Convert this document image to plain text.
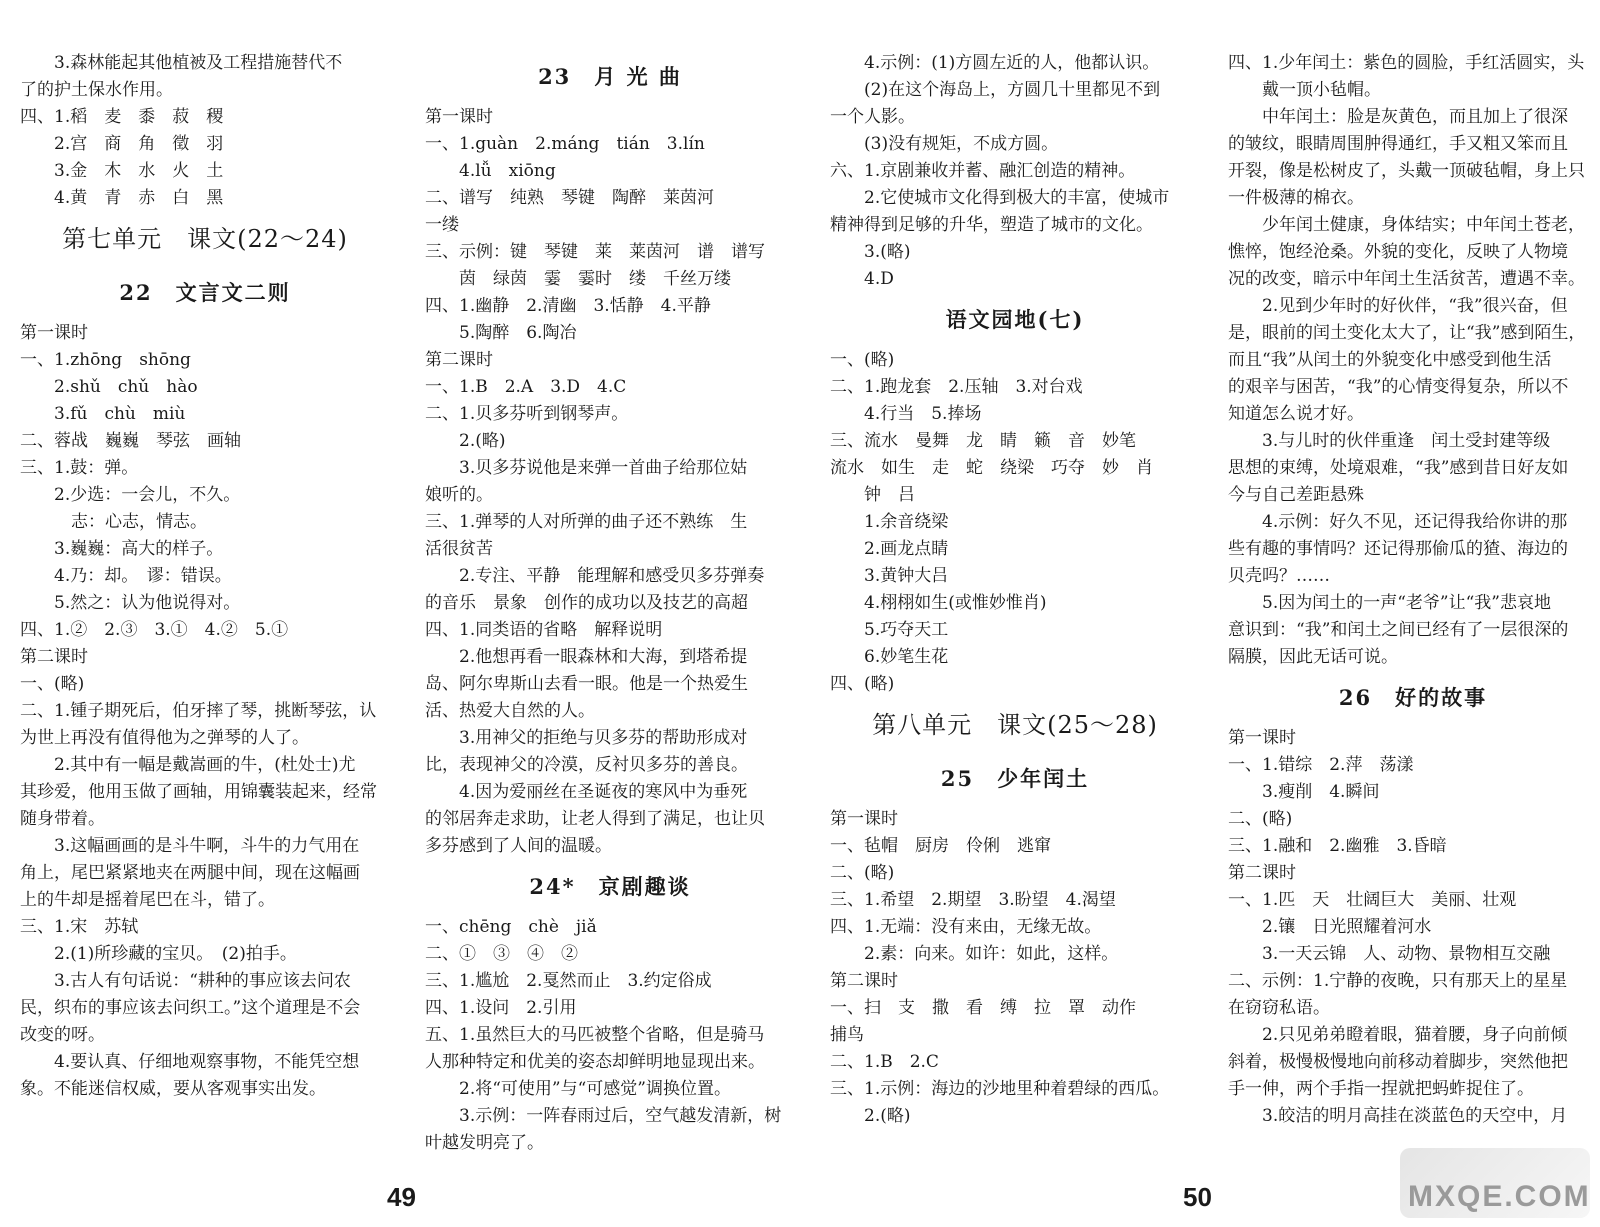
　　3.森林能起其他植被及工程措施替代不
了的护土保水作用。
四、1.稻　麦　黍　菽　稷
2.宫　商　角　徵　羽
3.金　木　水　火　土
4.黄　青　赤　白　黑
第七单元　课文(22～24)
22　文言文二则
第一课时
一、1.zhōng　shōng
2.shǔ　chǔ　hào
3.fǔ　chù　miù
二、蓉战　巍巍　琴弦　画轴
三、1.鼓：弹。
2.少选：一会儿，不久。
志：心志，情志。
3.巍巍：高大的样子。
4.乃：却。　谬：错误。
5.然之：认为他说得对。
四、1.②　2.③　3.①　4.②　5.①
第二课时
一、(略)
二、1.锺子期死后，伯牙摔了琴，挑断琴弦，认
为世上再没有值得他为之弹琴的人了。
　　2.其中有一幅是戴嵩画的牛，(杜处士)尤
其珍爱，他用玉做了画轴，用锦囊装起来，经常
随身带着。
　　3.这幅画画的是斗牛啊，斗牛的力气用在
角上，尾巴紧紧地夹在两腿中间，现在这幅画
上的牛却是摇着尾巴在斗，错了。
三、1.宋　苏轼
2.(1)所珍藏的宝贝。　(2)拍手。
　　3.古人有句话说：“耕种的事应该去问农
民，织布的事应该去问织工。”这个道理是不会
改变的呀。
　　4.要认真、仔细地观察事物，不能凭空想
象。不能迷信权威，要从客观事实出发。
23　月 光 曲
第一课时
一、1.guàn　2.máng　tián　3.lín
4.lǚ　xiōng
二、谱写　纯熟　琴键　陶醉　莱茵河
一缕
三、示例：键　琴键　莱　莱茵河　谱　谱写
茵　绿茵　霎　霎时　缕　千丝万缕
四、1.幽静　2.清幽　3.恬静　4.平静
5.陶醉　6.陶冶
第二课时
一、1.B　2.A　3.D　4.C
二、1.贝多芬听到钢琴声。
2.(略)
　　3.贝多芬说他是来弹一首曲子给那位姑
娘听的。
三、1.弹琴的人对所弹的曲子还不熟练　生
活很贫苦
　　2.专注、平静　能理解和感受贝多芬弹奏
的音乐　景象　创作的成功以及技艺的高超
四、1.同类语的省略　解释说明
　　2.他想再看一眼森林和大海，到塔希提
岛、阿尔卑斯山去看一眼。他是一个热爱生
活、热爱大自然的人。
　　3.用神父的拒绝与贝多芬的帮助形成对
比，表现神父的冷漠，反衬贝多芬的善良。
　　4.因为爱丽丝在圣诞夜的寒风中为垂死
的邻居奔走求助，让老人得到了满足，也让贝
多芬感到了人间的温暖。
24*　京剧趣谈
一、chēng　chè　jiǎ
二、①　③　④　②
三、1.尴尬　2.戛然而止　3.约定俗成
四、1.设问　2.引用
五、1.虽然巨大的马匹被整个省略，但是骑马
人那种特定和优美的姿态却鲜明地显现出来。
2.将“可使用”与“可感觉”调换位置。
　　3.示例：一阵春雨过后，空气越发清新，树
叶越发明亮了。
　　4.示例：(1)方圆左近的人，他都认识。
(2)在这个海岛上，方圆几十里都见不到
一个人影。
(3)没有规矩，不成方圆。
六、1.京剧兼收并蓄、融汇创造的精神。
　　2.它使城市文化得到极大的丰富，使城市
精神得到足够的升华，塑造了城市的文化。
3.(略)
4.D
语文园地(七)
一、(略)
二、1.跑龙套　2.压轴　3.对台戏
4.行当　5.捧场
三、流水　曼舞　龙　睛　籁　音　妙笔
流水　如生　走　蛇　绕梁　巧夺　妙　肖
钟　吕
1.余音绕梁
2.画龙点睛
3.黄钟大吕
4.栩栩如生(或惟妙惟肖)
5.巧夺天工
6.妙笔生花
四、(略)
第八单元　课文(25～28)
25　少年闰土
第一课时
一、毡帽　厨房　伶俐　逃窜
二、(略)
三、1.希望　2.期望　3.盼望　4.渴望
四、1.无端：没有来由，无缘无故。
2.素：向来。如许：如此，这样。
第二课时
一、扫　支　撒　看　缚　拉　罩　动作
捕鸟
二、1.B　2.C
三、1.示例：海边的沙地里种着碧绿的西瓜。
2.(略)
四、1.少年闰土：紫色的圆脸，手红活圆实，头
戴一顶小毡帽。
　　中年闰土：脸是灰黄色，而且加上了很深
的皱纹，眼睛周围肿得通红，手又粗又笨而且
开裂，像是松树皮了，头戴一顶破毡帽，身上只
一件极薄的棉衣。
　　少年闰土健康，身体结实；中年闰土苍老，
憔悴，饱经沧桑。外貌的变化，反映了人物境
况的改变，暗示中年闰土生活贫苦，遭遇不幸。
　　2.见到少年时的好伙伴，“我”很兴奋，但
是，眼前的闰土变化太大了，让“我”感到陌生，
而且“我”从闰土的外貌变化中感受到他生活
的艰辛与困苦，“我”的心情变得复杂，所以不
知道怎么说才好。
　　3.与儿时的伙伴重逢　闰土受封建等级
思想的束缚，处境艰难，“我”感到昔日好友如
今与自己差距悬殊
　　4.示例：好久不见，还记得我给你讲的那
些有趣的事情吗？还记得那偷瓜的猹、海边的
贝壳吗？……
　　5.因为闰土的一声“老爷”让“我”悲哀地
意识到：“我”和闰土之间已经有了一层很深的
隔膜，因此无话可说。
26　好的故事
第一课时
一、1.错综　2.萍　荡漾
3.瘦削　4.瞬间
二、(略)
三、1.融和　2.幽雅　3.昏暗
第二课时
一、1.匹　天　壮阔巨大　美丽、壮观
2.镶　日光照耀着河水
3.一天云锦　人、动物、景物相互交融
二、示例：1.宁静的夜晚，只有那天上的星星
在窃窃私语。
　　2.只见弟弟瞪着眼，猫着腰，身子向前倾
斜着，极慢极慢地向前移动着脚步，突然他把
手一伸，两个手指一捏就把蚂蚱捉住了。
　　3.皎洁的明月高挂在淡蓝色的天空中，月
49	50	MXQE.COM
